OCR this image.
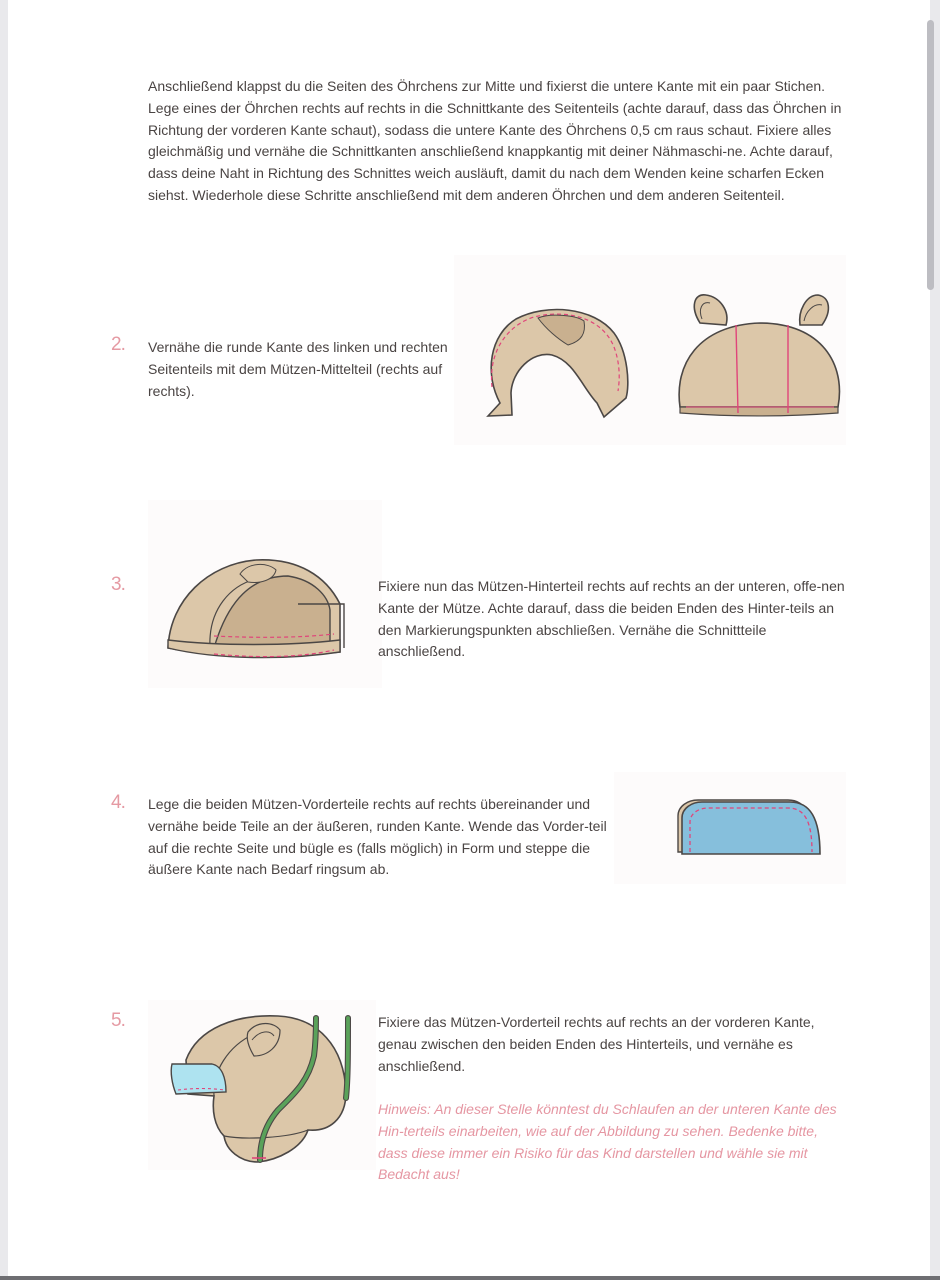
Anschließend klappst du die Seiten des Öhrchens zur Mitte und fixierst die untere Kante mit ein paar Stichen. Lege eines der Öhrchen rechts auf rechts in die Schnittkante des Seitenteils (achte darauf, dass das Öhrchen in Richtung der vorderen Kante schaut), sodass die untere Kante des Öhrchens 0,5 cm raus schaut. Fixiere alles gleichmäßig und vernähe die Schnittkanten anschließend knappkantig mit deiner Nähmaschi-ne. Achte darauf, dass deine Naht in Richtung des Schnittes weich ausläuft, damit du nach dem Wenden keine scharfen Ecken siehst. Wiederhole diese Schritte anschließend mit dem anderen Öhrchen und dem anderen Seitenteil.

2. Vernähe die runde Kante des linken und rechten Seitenteils mit dem Mützen-Mittelteil (rechts auf rechts).

3.	Fixiere nun das Mützen-Hinterteil rechts auf rechts an der unteren, offe-nen Kante der Mütze. Achte darauf, dass die beiden Enden des Hinter-teils an den Markierungspunkten abschließen. Vernähe die Schnittteile anschließend.

4. Lege die beiden Mützen-Vorderteile rechts auf rechts übereinander und vernähe beide Teile an der äußeren, runden Kante. Wende das Vorder-teil auf die rechte Seite und bügle es (falls möglich) in Form und steppe die äußere Kante nach Bedarf ringsum ab.

5.	Fixiere das Mützen-Vorderteil rechts auf rechts an der vorderen Kante, genau zwischen den beiden Enden des Hinterteils, und vernähe es anschließend.

Hinweis: An dieser Stelle könntest du Schlaufen an der unteren Kante des Hin-terteils einarbeiten, wie auf der Abbildung zu sehen. Bedenke bitte, dass diese immer ein Risiko für das Kind darstellen und wähle sie mit Bedacht aus!
